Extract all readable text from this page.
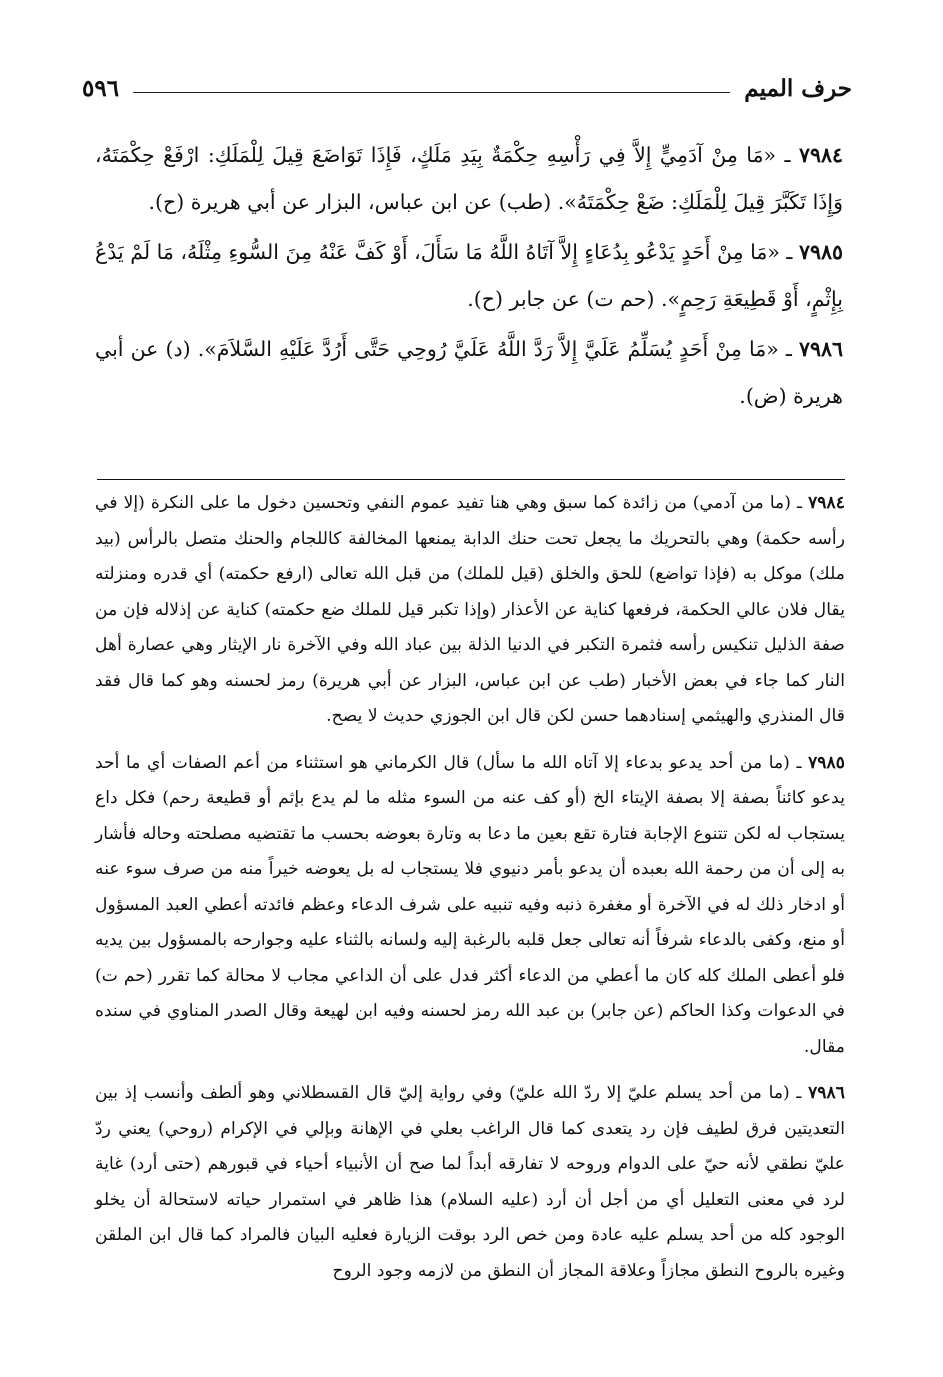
حرف الميم
٥٩٦

٧٩٨٤ ـ «مَا مِنْ آدَمِيٍّ إِلاَّ فِي رَأْسِهِ حِكْمَةٌ بِيَدِ مَلَكٍ، فَإِذَا تَوَاضَعَ قِيلَ لِلْمَلَكِ: ارْفَعْ حِكْمَتَهُ، وَإِذَا تَكَبَّرَ قِيلَ لِلْمَلَكِ: ضَعْ حِكْمَتَهُ». (طب) عن ابن عباس، البزار عن أبي هريرة (ح).

٧٩٨٥ ـ «مَا مِنْ أَحَدٍ يَدْعُو بِدُعَاءٍ إِلاَّ آتَاهُ اللَّهُ مَا سَأَلَ، أَوْ كَفَّ عَنْهُ مِنَ السُّوءِ مِثْلَهُ، مَا لَمْ يَدْعُ بِإِثْمٍ، أَوْ قَطِيعَةِ رَحِمٍ». (حم ت) عن جابر (ح).

٧٩٨٦ ـ «مَا مِنْ أَحَدٍ يُسَلِّمُ عَلَيَّ إِلاَّ رَدَّ اللَّهُ عَلَيَّ رُوحِي حَتَّى أَرُدَّ عَلَيْهِ السَّلاَمَ». (د) عن أبي هريرة (ض).

٧٩٨٤ ـ (ما من آدمي) من زائدة كما سبق وهي هنا تفيد عموم النفي وتحسين دخول ما على النكرة (إلا في رأسه حكمة) وهي بالتحريك ما يجعل تحت حنك الدابة يمنعها المخالفة كاللجام والحنك متصل بالرأس (بيد ملك) موكل به (فإذا تواضع) للحق والخلق (قيل للملك) من قبل الله تعالى (ارفع حكمته) أي قدره ومنزلته يقال فلان عالي الحكمة، فرفعها كناية عن الأعذار (وإذا تكبر قيل للملك ضع حكمته) كناية عن إذلاله فإن من صفة الذليل تنكيس رأسه فثمرة التكبر في الدنيا الذلة بين عباد الله وفي الآخرة نار الإيثار وهي عصارة أهل النار كما جاء في بعض الأخبار (طب عن ابن عباس، البزار عن أبي هريرة) رمز لحسنه وهو كما قال فقد قال المنذري والهيثمي إسنادهما حسن لكن قال ابن الجوزي حديث لا يصح.

٧٩٨٥ ـ (ما من أحد يدعو بدعاء إلا آتاه الله ما سأل) قال الكرماني هو استثناء من أعم الصفات أي ما أحد يدعو كائناً بصفة إلا بصفة الإيتاء الخ (أو كف عنه من السوء مثله ما لم يدع بإثم أو قطيعة رحم) فكل داع يستجاب له لكن تتنوع الإجابة فتارة تقع بعين ما دعا به وتارة بعوضه بحسب ما تقتضيه مصلحته وحاله فأشار به إلى أن من رحمة الله بعبده أن يدعو بأمر دنيوي فلا يستجاب له بل يعوضه خيراً منه من صرف سوء عنه أو ادخار ذلك له في الآخرة أو مغفرة ذنبه وفيه تنبيه على شرف الدعاء وعظم فائدته أعطي العبد المسؤول أو منع، وكفى بالدعاء شرفاً أنه تعالى جعل قلبه بالرغبة إليه ولسانه بالثناء عليه وجوارحه بالمسؤول بين يديه فلو أعطى الملك كله كان ما أعطي من الدعاء أكثر فدل على أن الداعي مجاب لا محالة كما تقرر (حم ت) في الدعوات وكذا الحاكم (عن جابر) بن عبد الله رمز لحسنه وفيه ابن لهيعة وقال الصدر المناوي في سنده مقال.

٧٩٨٦ ـ (ما من أحد يسلم عليّ إلا ردّ الله عليّ) وفي رواية إليّ قال القسطلاني وهو ألطف وأنسب إذ بين التعديتين فرق لطيف فإن رد يتعدى كما قال الراغب بعلي في الإهانة وبإلي في الإكرام (روحي) يعني ردّ عليّ نطقي لأنه حيّ على الدوام وروحه لا تفارقه أبداً لما صح أن الأنبياء أحياء في قبورهم (حتى أرد) غاية لرد في معنى التعليل أي من أجل أن أرد (عليه السلام) هذا ظاهر في استمرار حياته لاستحالة أن يخلو الوجود كله من أحد يسلم عليه عادة ومن خص الرد بوقت الزيارة فعليه البيان فالمراد كما قال ابن الملقن وغيره بالروح النطق مجازاً وعلاقة المجاز أن النطق من لازمه وجود الروح
